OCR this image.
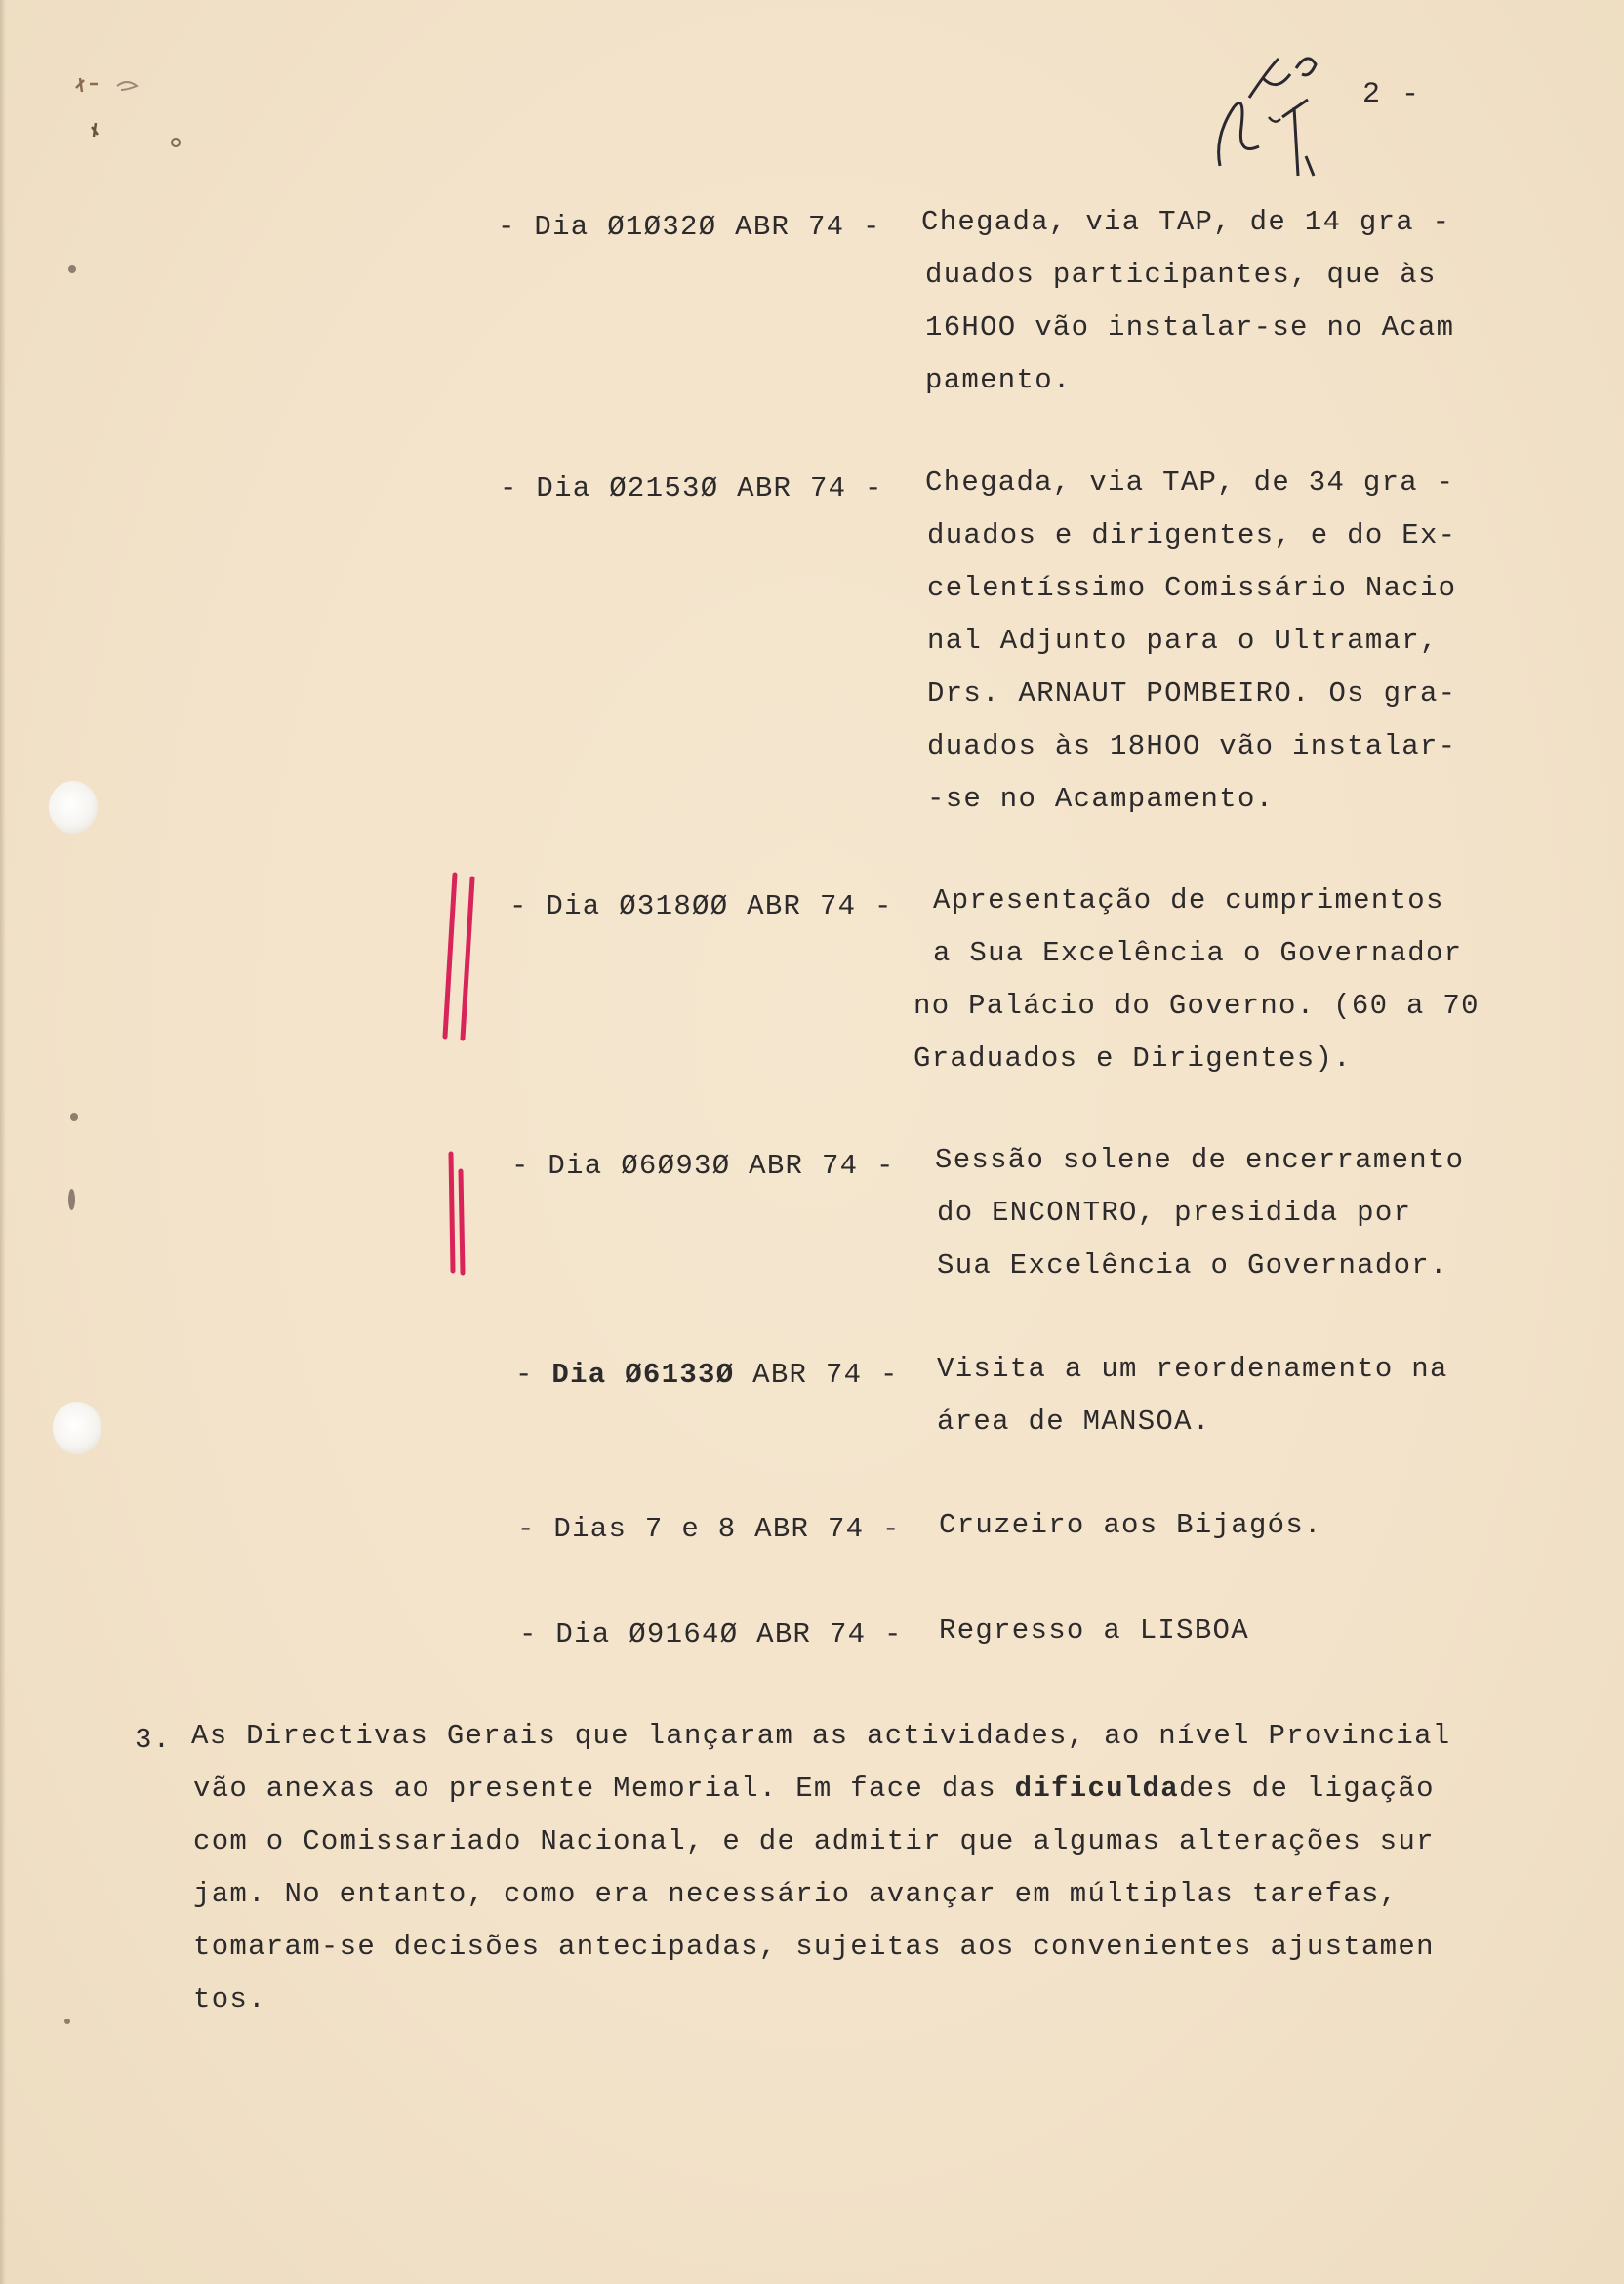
2 -
- Dia Ø1Ø32Ø ABR 74 - Chegada, via TAP, de 14 gra -
duados participantes, que às
16HOO vão instalar-se no Acam
pamento.
- Dia Ø2153Ø ABR 74 - Chegada, via TAP, de 34 gra -
duados e dirigentes, e do Ex-
celentíssimo Comissário Nacio
nal Adjunto para o Ultramar,
Drs. ARNAUT POMBEIRO. Os gra-
duados às 18HOO vão instalar-
-se no Acampamento.
- Dia Ø318ØØ ABR 74 - Apresentação de cumprimentos
a Sua Excelência o Governador
no Palácio do Governo. (60 a 70
Graduados e Dirigentes).
- Dia Ø6Ø93Ø ABR 74 - Sessão solene de encerramento
do ENCONTRO, presidida por
Sua Excelência o Governador.
- Dia Ø6133Ø ABR 74 - Visita a um reordenamento na
área de MANSOA.
- Dias 7 e 8 ABR 74 - Cruzeiro aos Bijagós.
- Dia Ø9164Ø ABR 74 - Regresso a LISBOA
3. As Directivas Gerais que lançaram as actividades, ao nível Provincial
vão anexas ao presente Memorial. Em face das dificuldades de ligação
com o Comissariado Nacional, e de admitir que algumas alterações sur
jam. No entanto, como era necessário avançar em múltiplas tarefas,
tomaram-se decisões antecipadas, sujeitas aos convenientes ajustamen
tos.
